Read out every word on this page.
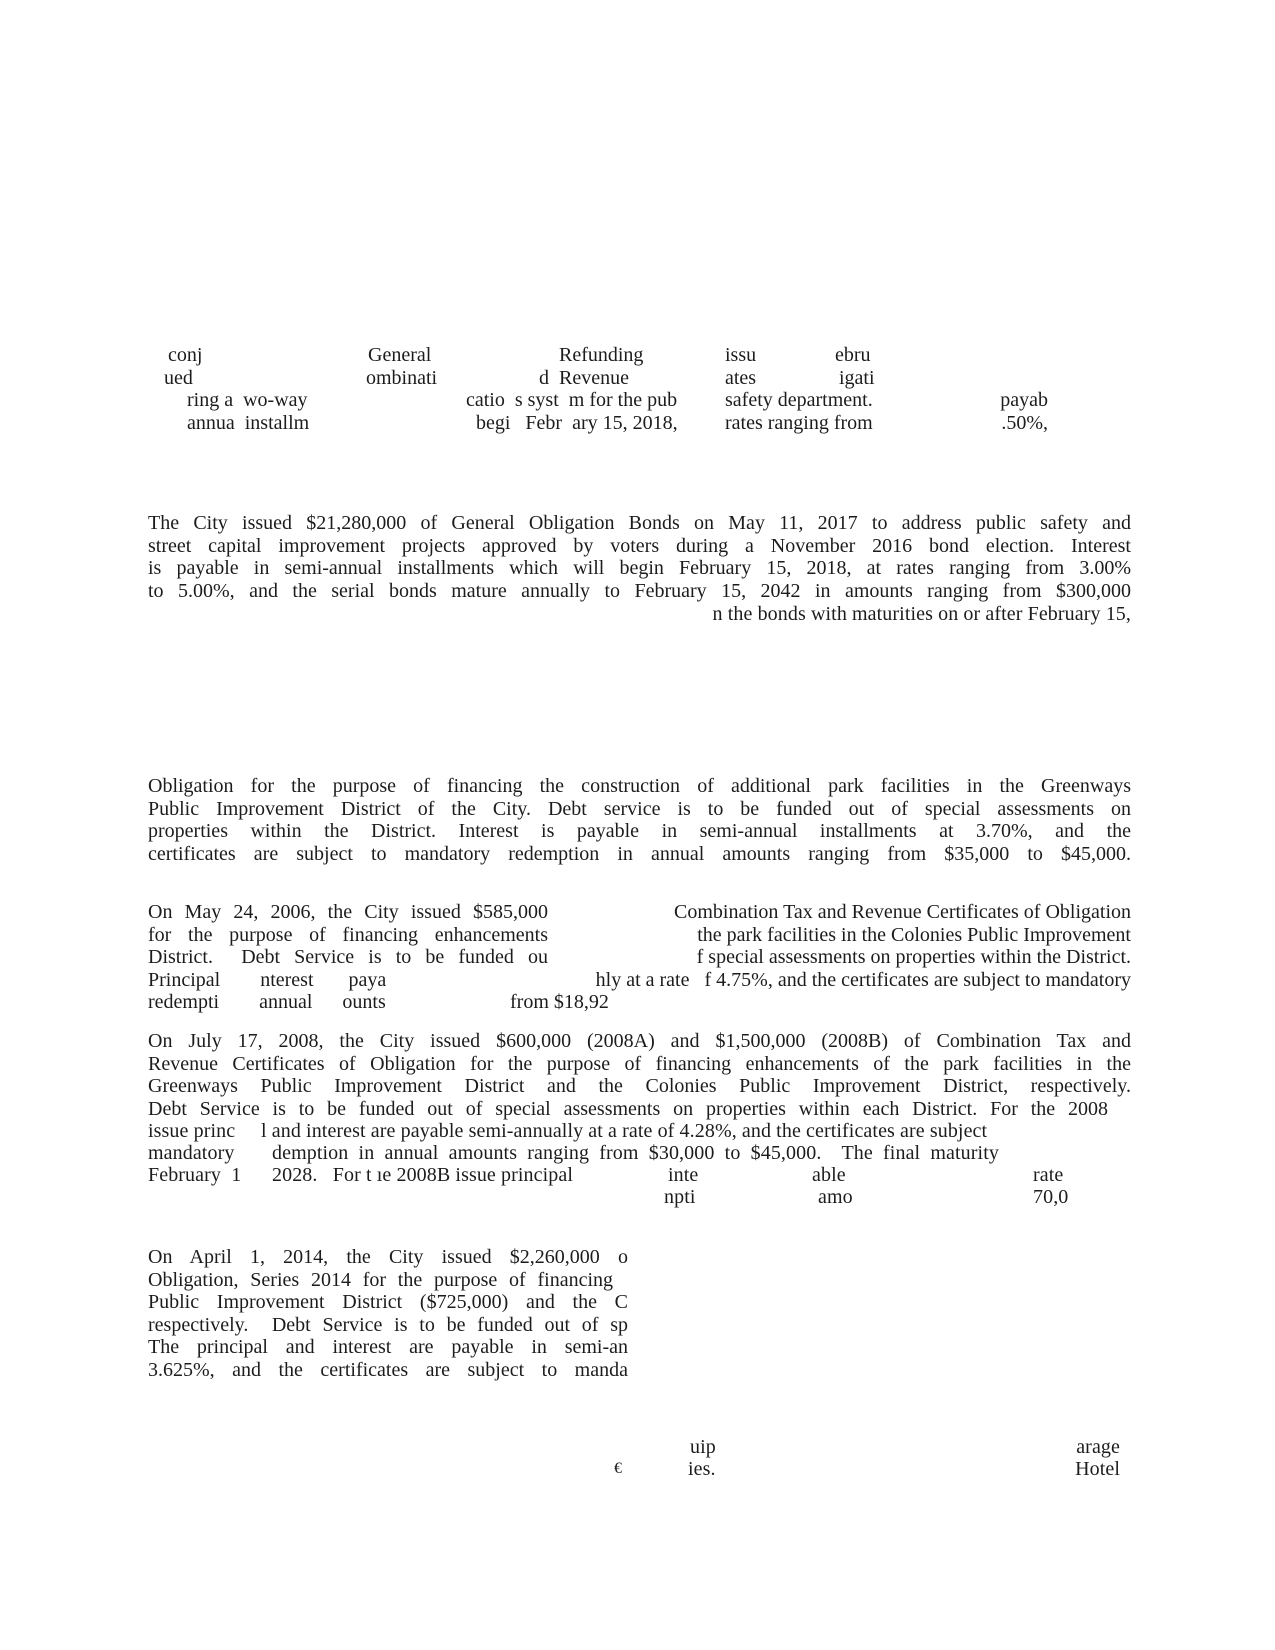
conj
ued
ring a  wo-way
annua  installm
General
ombinati
Refunding
d  Revenue
catio  s syst  m for the pub
begi   Febr  ary 15, 2018,
issu
ates
safety department.
rates ranging from
ebru
igati
payab
.50%,
The City issued $21,280,000 of General Obligation Bonds on May 11, 2017 to address public safety and
street capital improvement projects approved by voters during a November 2016 bond election. Interest
is payable in semi-annual installments which will begin February 15, 2018, at rates ranging from 3.00%
to 5.00%, and the serial bonds mature annually to February 15, 2042 in amounts ranging from $300,000
n the bonds with maturities on or after February 15,
Obligation for the purpose of financing the construction of additional park facilities in the Greenways
Public Improvement District of the City. Debt service is to be funded out of special assessments on
properties within the District. Interest is payable in semi-annual installments at 3.70%, and the
certificates are subject to mandatory redemption in annual amounts ranging from $35,000 to $45,000.
On May 24, 2006, the City issued $585,000
for the purpose of financing enhancements
District.  Debt Service is to be funded ou
Principal        nterest       paya
redempti        annual      ounts
Combination Tax and Revenue Certificates of Obligation
the park facilities in the Colonies Public Improvement
f special assessments on properties within the District.
hly at a rate   f 4.75%, and the certificates are subject to mandatory
from $18,92
On July 17, 2008, the City issued $600,000 (2008A) and $1,500,000 (2008B) of Combination Tax and
Revenue Certificates of Obligation for the purpose of financing enhancements of the park facilities in the
Greenways Public Improvement District and the Colonies Public Improvement District, respectively.
Debt Service is to be funded out of special assessments on properties within each District. For the 2008
issue princ l and interest are payable semi-annually at a rate of 4.28%, and the certificates are subject
mandatory demption  in  annual  amounts  ranging  from  $30,000  to  $45,000.    The  final  maturity
February  1 2028.   For t ıe 2008B issue principal	inte	able	rate
npti	amo	70,0
On  April  1,  2014,  the  City  issued  $2,260,000  o
Obligation, Series 2014 for the purpose of financing
Public  Improvement  District  ($725,000)  and  the  C
respectively.  Debt Service is to be funded out of sp
The  principal  and  interest  are  payable  in  semi-an
3.625%,  and  the  certificates  are  subject  to  manda
uip
€	ies.
arage
Hotel
